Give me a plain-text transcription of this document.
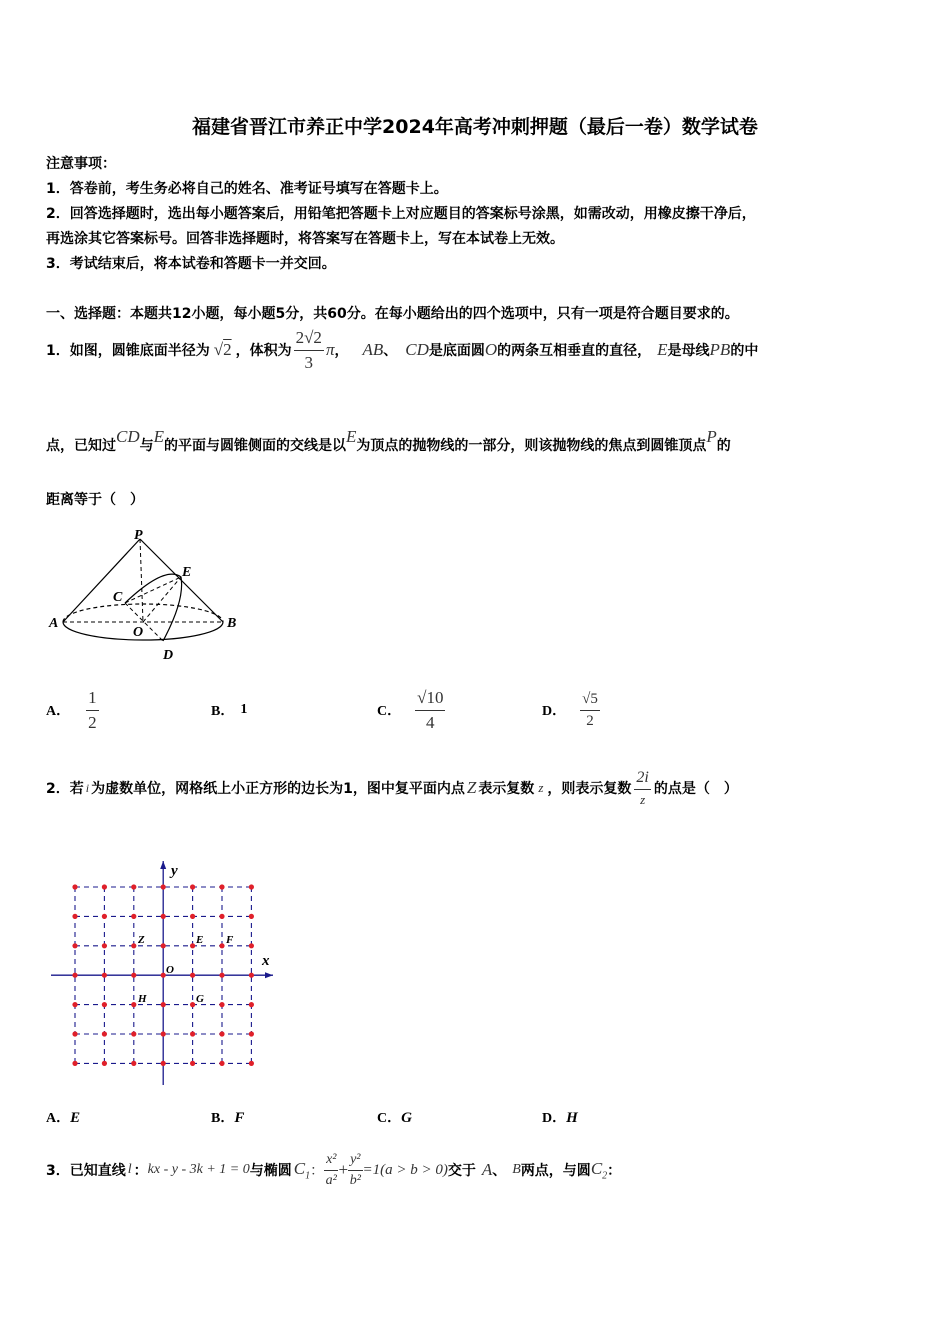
福建省晋江市养正中学2024年高考冲刺押题（最后一卷）数学试卷
注意事项：
1．答卷前，考生务必将自己的姓名、准考证号填写在答题卡上。
2．回答选择题时，选出每小题答案后，用铅笔把答题卡上对应题目的答案标号涂黑，如需改动，用橡皮擦干净后，
再选涂其它答案标号。回答非选择题时，将答案写在答题卡上，写在本试卷上无效。
3．考试结束后，将本试卷和答题卡一并交回。
一、选择题：本题共12小题，每小题5分，共60分。在每小题给出的四个选项中，只有一项是符合题目要求的。
1．如图，圆锥底面半径为 √2 ，体积为 $\frac{2√2}{3}$ π ， AB 、 CD 是底面圆 O 的两条互相垂直的直径， E 是母线 PB 的中
点，已知过 CD 与 E 的平面与圆锥侧面的交线是以 E 为顶点的抛物线的一部分，则该抛物线的焦点到圆锥顶点 P 的
距离等于（　）
P
E
C
A
O
B
D
A． $\frac{1}{2}$	B． 1	C． $\frac{√10}{4}$	D． $\frac{√5}{2}$
2．若 i 为虚数单位，网格纸上小正方形的边长为1，图中复平面内点 Z 表示复数 z ，则表示复数 $\frac{2i}{z}$ 的点是（　）
y
x
O
Z	E F
H	G
A．E	B．F	C．G	D．H
3．已知直线 l ： kx - y - 3k + 1 = 0 与椭圆 $C_1$ ： $\frac{\text{x²}}{\text{a²}} + \frac{\text{y²}}{\text{b²}} =1(a > b > 0)$ 交于 A 、 B 两点，与圆 $C_2$ ：
